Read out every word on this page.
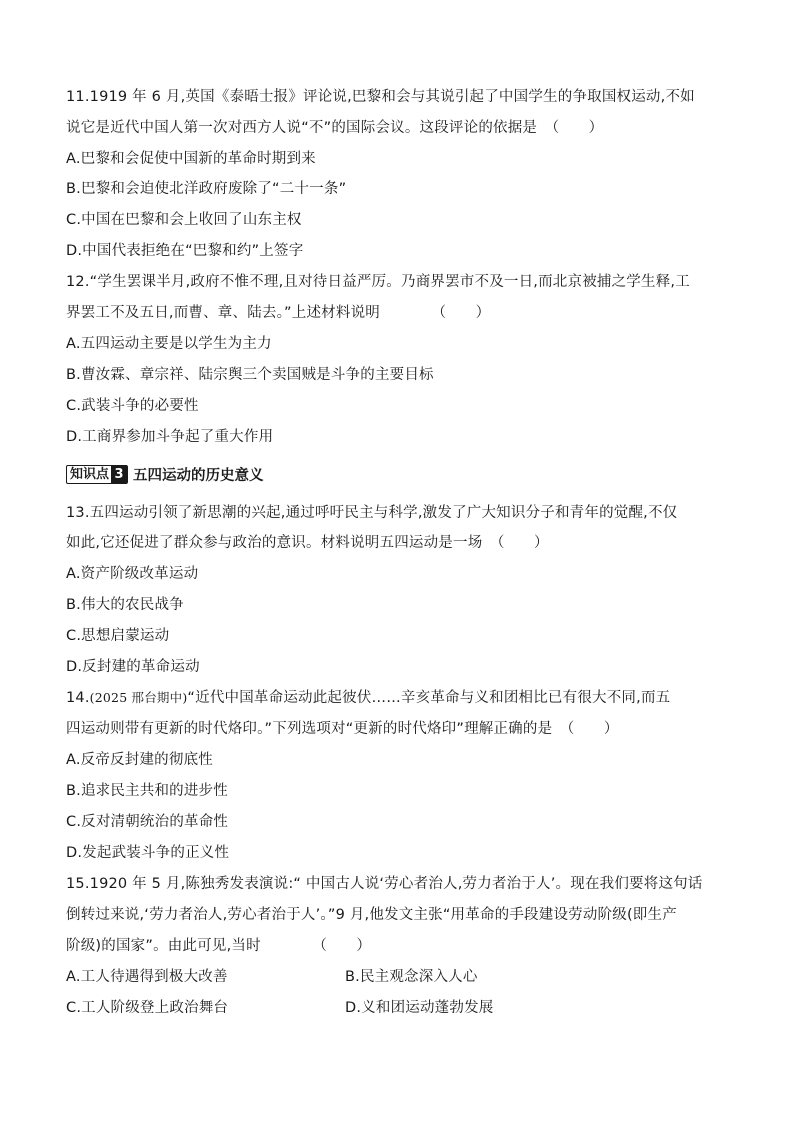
11.1919 年 6 月,英国《泰晤士报》评论说,巴黎和会与其说引起了中国学生的争取国权运动,不如
说它是近代中国人第一次对西方人说“不”的国际会议。这段评论的依据是　（　　）
A.巴黎和会促使中国新的革命时期到来
B.巴黎和会迫使北洋政府废除了“二十一条”
C.中国在巴黎和会上收回了山东主权
D.中国代表拒绝在“巴黎和约”上签字
12.“学生罢课半月,政府不惟不理,且对待日益严厉。乃商界罢市不及一日,而北京被捕之学生释,工
界罢工不及五日,而曹、章、陆去。”上述材料说明　　　　（　　）
A.五四运动主要是以学生为主力
B.曹汝霖、章宗祥、陆宗舆三个卖国贼是斗争的主要目标
C.武装斗争的必要性
D.工商界参加斗争起了重大作用
知识点 3 五四运动的历史意义
13.五四运动引领了新思潮的兴起,通过呼吁民主与科学,激发了广大知识分子和青年的觉醒,不仅
如此,它还促进了群众参与政治的意识。材料说明五四运动是一场　（　　）
A.资产阶级改革运动
B.伟大的农民战争
C.思想启蒙运动
D.反封建的革命运动
14.(2025 邢台期中)“近代中国革命运动此起彼伏……辛亥革命与义和团相比已有很大不同,而五
四运动则带有更新的时代烙印。”下列选项对“更新的时代烙印”理解正确的是　（　　）
A.反帝反封建的彻底性
B.追求民主共和的进步性
C.反对清朝统治的革命性
D.发起武装斗争的正义性
15.1920 年 5 月,陈独秀发表演说:“ 中国古人说‘劳心者治人,劳力者治于人’。现在我们要将这句话
倒转过来说,‘劳力者治人,劳心者治于人’。”9 月,他发文主张“用革命的手段建设劳动阶级(即生产
阶级)的国家”。由此可见,当时　　　　（　　）
A.工人待遇得到极大改善	B.民主观念深入人心
C.工人阶级登上政治舞台	D.义和团运动蓬勃发展
